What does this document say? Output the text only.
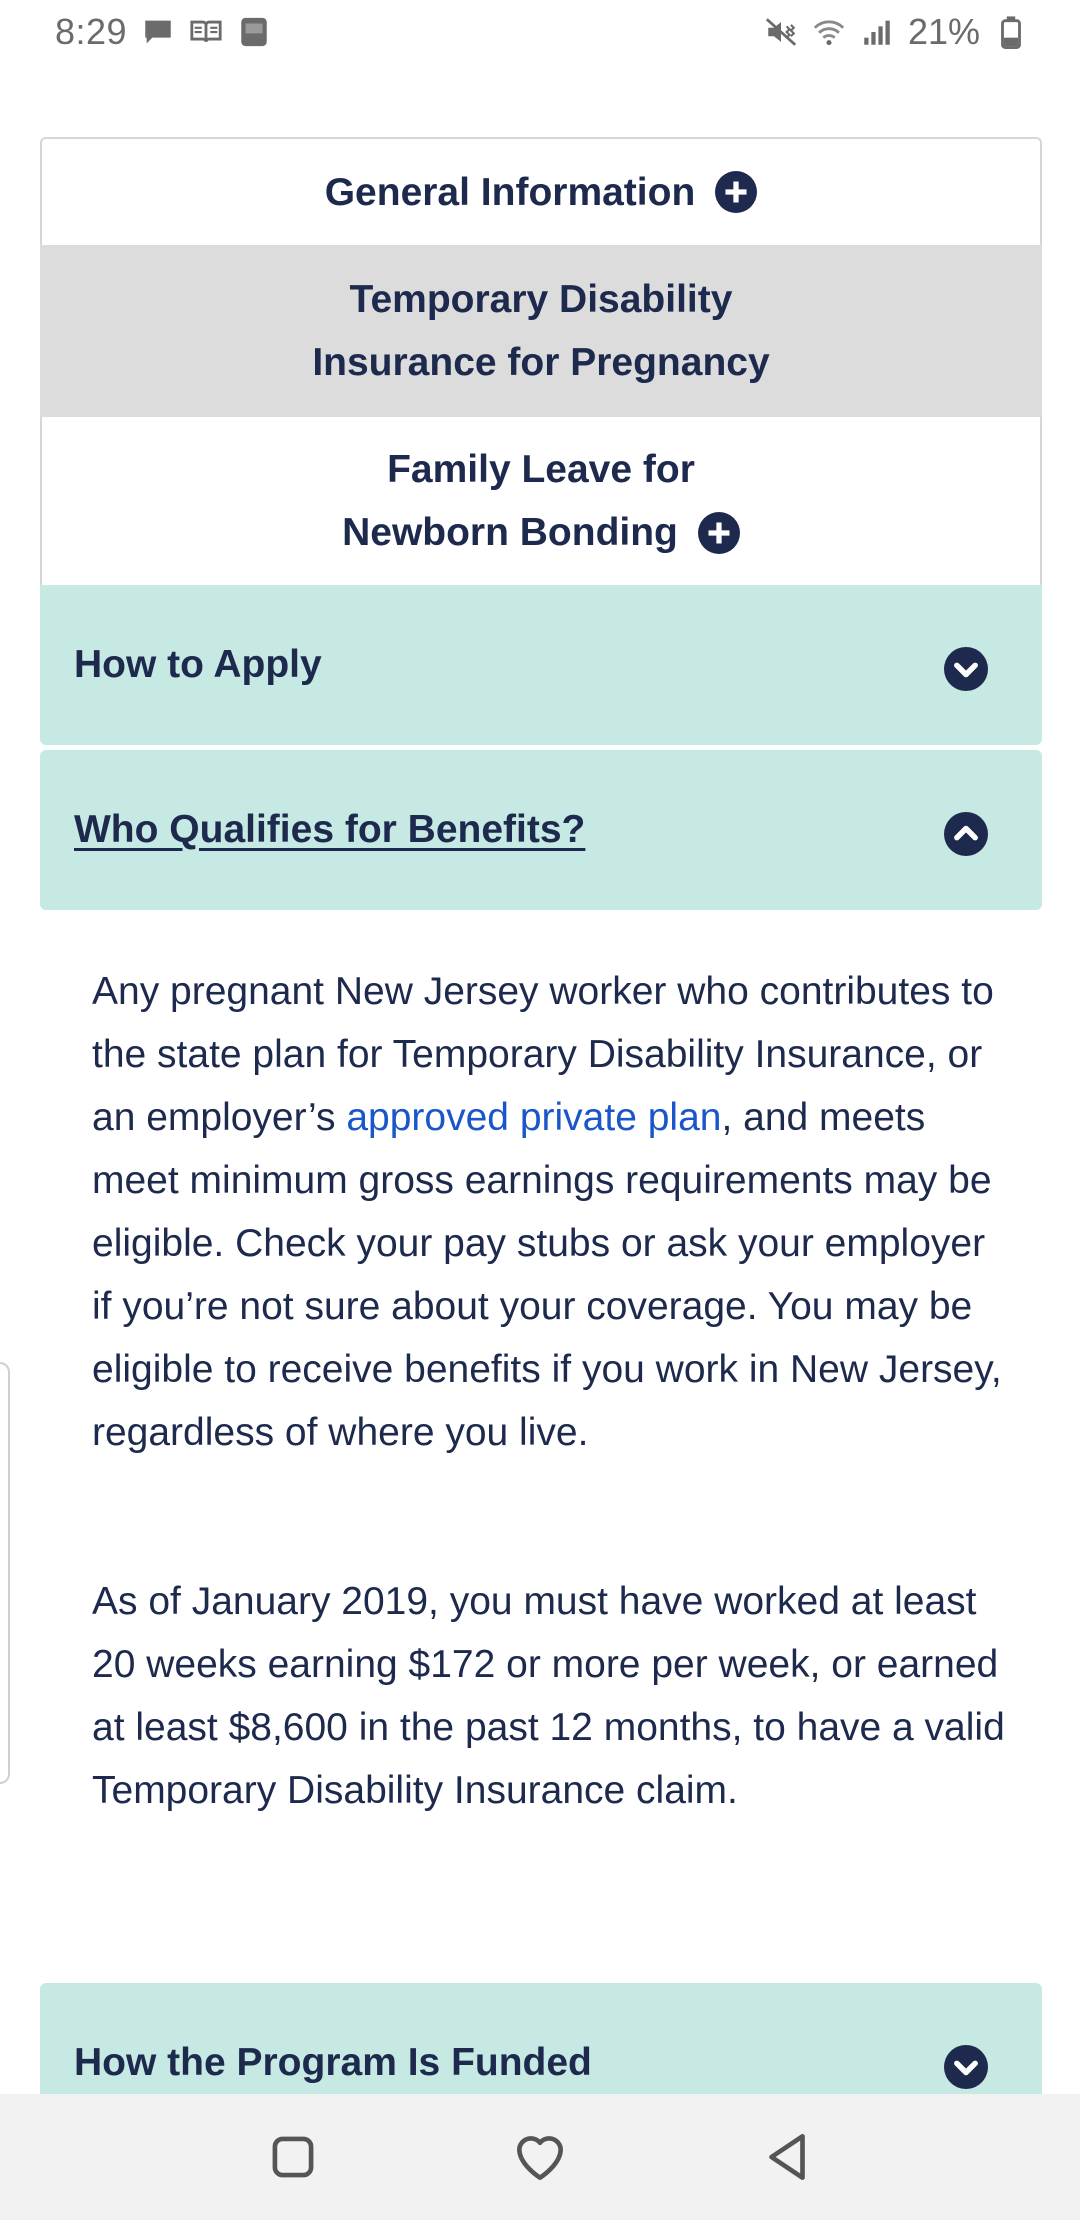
8:29	21%
General Information
Temporary Disability
Insurance for Pregnancy
Family Leave for
Newborn Bonding
How to Apply
Who Qualifies for Benefits?

Any pregnant New Jersey worker who contributes to the state plan for Temporary Disability Insurance, or an employer’s approved private plan, and meets meet minimum gross earnings requirements may be eligible. Check your pay stubs or ask your employer if you’re not sure about your coverage. You may be eligible to receive benefits if you work in New Jersey, regardless of where you live.

As of January 2019, you must have worked at least 20 weeks earning $172 or more per week, or earned at least $8,600 in the past 12 months, to have a valid Temporary Disability Insurance claim.

How the Program Is Funded
